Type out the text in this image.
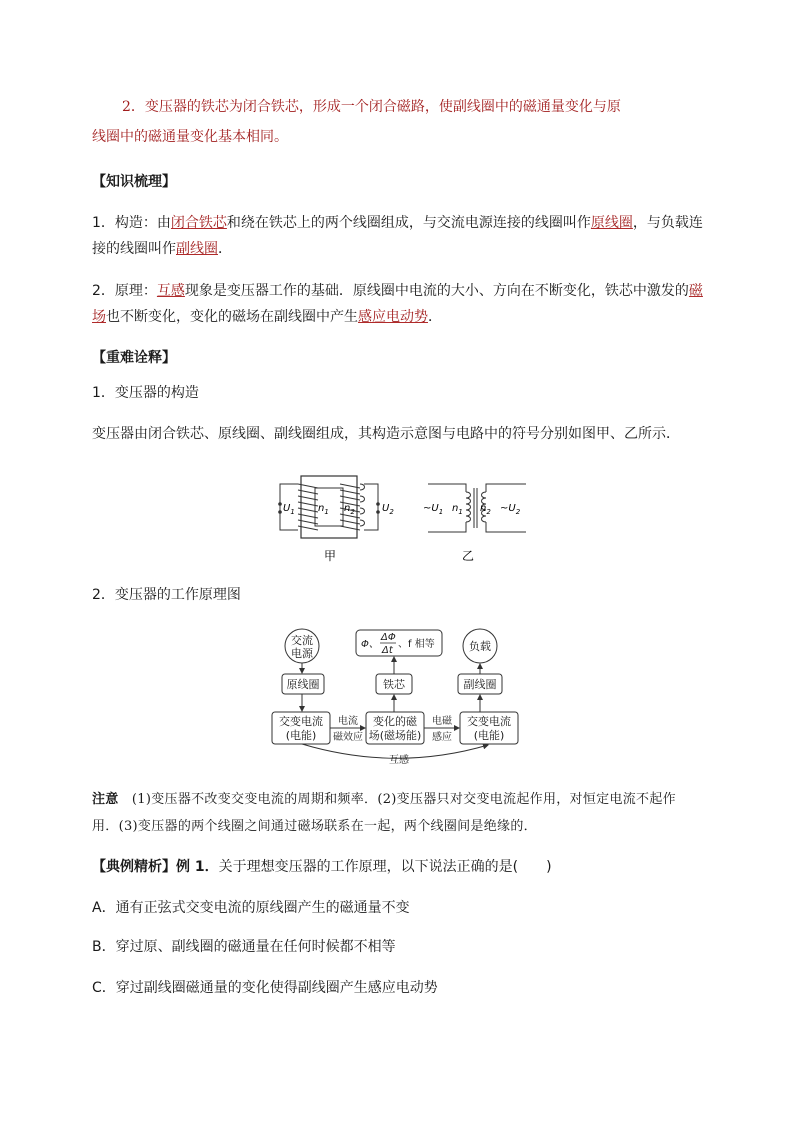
2．变压器的铁芯为闭合铁芯，形成一个闭合磁路，使副线圈中的磁通量变化与原

线圈中的磁通量变化基本相同。

【知识梳理】

1．构造：由闭合铁芯和绕在铁芯上的两个线圈组成，与交流电源连接的线圈叫作原线圈，与负载连

接的线圈叫作副线圈．

2．原理：互感现象是变压器工作的基础．原线圈中电流的大小、方向在不断变化，铁芯中激发的磁

场也不断变化，变化的磁场在副线圈中产生感应电动势．

【重难诠释】

1．变压器的构造

变压器由闭合铁芯、原线圈、副线圈组成，其构造示意图与电路中的符号分别如图甲、乙所示．

$U_1$ $n_1$ $n_2$	$U_2$
甲
$\sim U_1$ $n_1$ $n_2$ $\sim U_2$
乙

2．变压器的工作原理图

交流
电源
负载
原线圈	铁芯	副线圈
交变电流
(电能)
变化的磁
场(磁场能)
交变电流
(电能)
电流
磁效应
电磁
感应
互感
Φ、
ΔΦ
Δt
、f 相等

注意　 (1)变压器不改变交变电流的周期和频率．(2)变压器只对交变电流起作用，对恒定电流不起作

用．(3)变压器的两个线圈之间通过磁场联系在一起，两个线圈间是绝缘的．

【典例精析】例 1．关于理想变压器的工作原理，以下说法正确的是(　　)

A．通有正弦式交变电流的原线圈产生的磁通量不变

B．穿过原、副线圈的磁通量在任何时候都不相等

C．穿过副线圈磁通量的变化使得副线圈产生感应电动势
